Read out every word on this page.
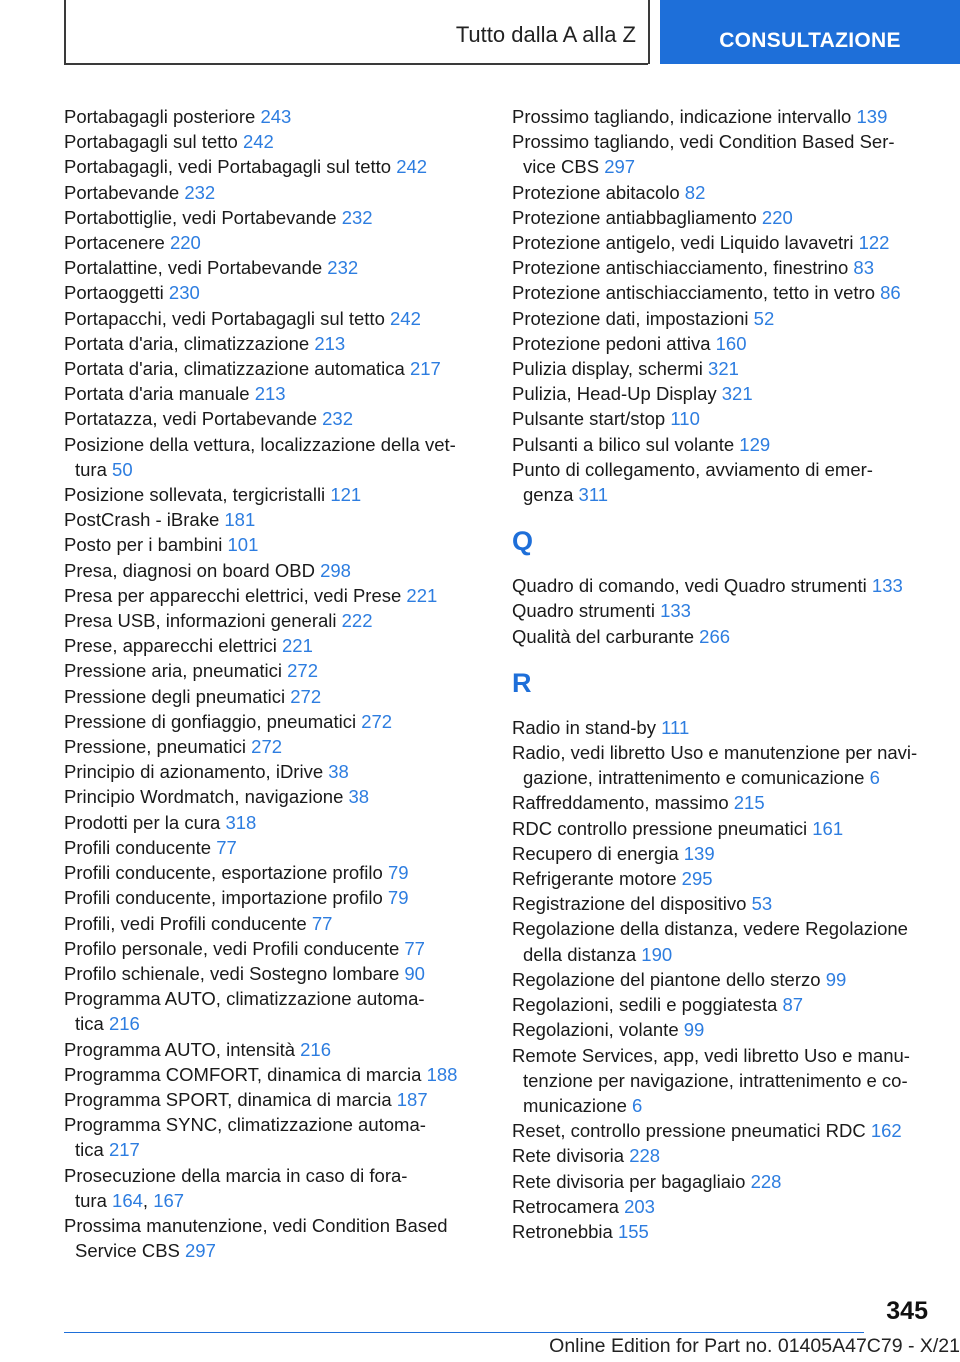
Tutto dalla A alla Z	CONSULTAZIONE
Portabagagli posteriore 243
Portabagagli sul tetto 242
Portabagagli, vedi Portabagagli sul tetto 242
Portabevande 232
Portabottiglie, vedi Portabevande 232
Portacenere 220
Portalattine, vedi Portabevande 232
Portaoggetti 230
Portapacchi, vedi Portabagagli sul tetto 242
Portata d'aria, climatizzazione 213
Portata d'aria, climatizzazione automatica 217
Portata d'aria manuale 213
Portatazza, vedi Portabevande 232
Posizione della vettura, localizzazione della vet-
tura 50
Posizione sollevata, tergicristalli 121
PostCrash - iBrake 181
Posto per i bambini 101
Presa, diagnosi on board OBD 298
Presa per apparecchi elettrici, vedi Prese 221
Presa USB, informazioni generali 222
Prese, apparecchi elettrici 221
Pressione aria, pneumatici 272
Pressione degli pneumatici 272
Pressione di gonfiaggio, pneumatici 272
Pressione, pneumatici 272
Principio di azionamento, iDrive 38
Principio Wordmatch, navigazione 38
Prodotti per la cura 318
Profili conducente 77
Profili conducente, esportazione profilo 79
Profili conducente, importazione profilo 79
Profili, vedi Profili conducente 77
Profilo personale, vedi Profili conducente 77
Profilo schienale, vedi Sostegno lombare 90
Programma AUTO, climatizzazione automa-
tica 216
Programma AUTO, intensità 216
Programma COMFORT, dinamica di marcia 188
Programma SPORT, dinamica di marcia 187
Programma SYNC, climatizzazione automa-
tica 217
Prosecuzione della marcia in caso di fora-
tura 164, 167
Prossima manutenzione, vedi Condition Based
Service CBS 297
Prossimo tagliando, indicazione intervallo 139
Prossimo tagliando, vedi Condition Based Ser-
vice CBS 297
Protezione abitacolo 82
Protezione antiabbagliamento 220
Protezione antigelo, vedi Liquido lavavetri 122
Protezione antischiacciamento, finestrino 83
Protezione antischiacciamento, tetto in vetro 86
Protezione dati, impostazioni 52
Protezione pedoni attiva 160
Pulizia display, schermi 321
Pulizia, Head-Up Display 321
Pulsante start/stop 110
Pulsanti a bilico sul volante 129
Punto di collegamento, avviamento di emer-
genza 311
Q
Quadro di comando, vedi Quadro strumenti 133
Quadro strumenti 133
Qualità del carburante 266
R
Radio in stand-by 111
Radio, vedi libretto Uso e manutenzione per navi-
gazione, intrattenimento e comunicazione 6
Raffreddamento, massimo 215
RDC controllo pressione pneumatici 161
Recupero di energia 139
Refrigerante motore 295
Registrazione del dispositivo 53
Regolazione della distanza, vedere Regolazione
della distanza 190
Regolazione del piantone dello sterzo 99
Regolazioni, sedili e poggiatesta 87
Regolazioni, volante 99
Remote Services, app, vedi libretto Uso e manu-
tenzione per navigazione, intrattenimento e co-
municazione 6
Reset, controllo pressione pneumatici RDC 162
Rete divisoria 228
Rete divisoria per bagagliaio 228
Retrocamera 203
Retronebbia 155
345
Online Edition for Part no. 01405A47C79 - X/21
